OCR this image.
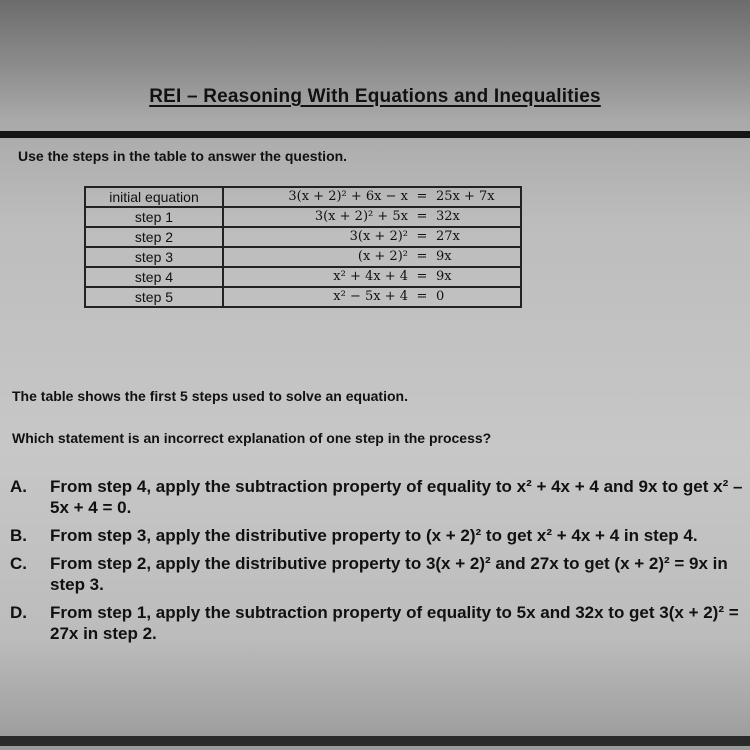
REI – Reasoning With Equations and Inequalities
Use the steps in the table to answer the question.
initial equation	3(x + 2)² + 6x − x = 25x + 7x

step 1	3(x + 2)² + 5x = 32x

step 2	3(x + 2)² = 27x

step 3	(x + 2)² = 9x

step 4	x² + 4x + 4 = 9x

step 5	x² − 5x + 4 = 0
The table shows the first 5 steps used to solve an equation.
Which statement is an incorrect explanation of one step in the process?
A.	From step 4, apply the subtraction property of equality to x² + 4x + 4 and 9x to get x² – 5x + 4 = 0.
B.	From step 3, apply the distributive property to (x + 2)² to get x² + 4x + 4 in step 4.
C.	From step 2, apply the distributive property to 3(x + 2)² and 27x to get (x + 2)² = 9x in step 3.
D.	From step 1, apply the subtraction property of equality to 5x and 32x to get 3(x + 2)² = 27x in step 2.
